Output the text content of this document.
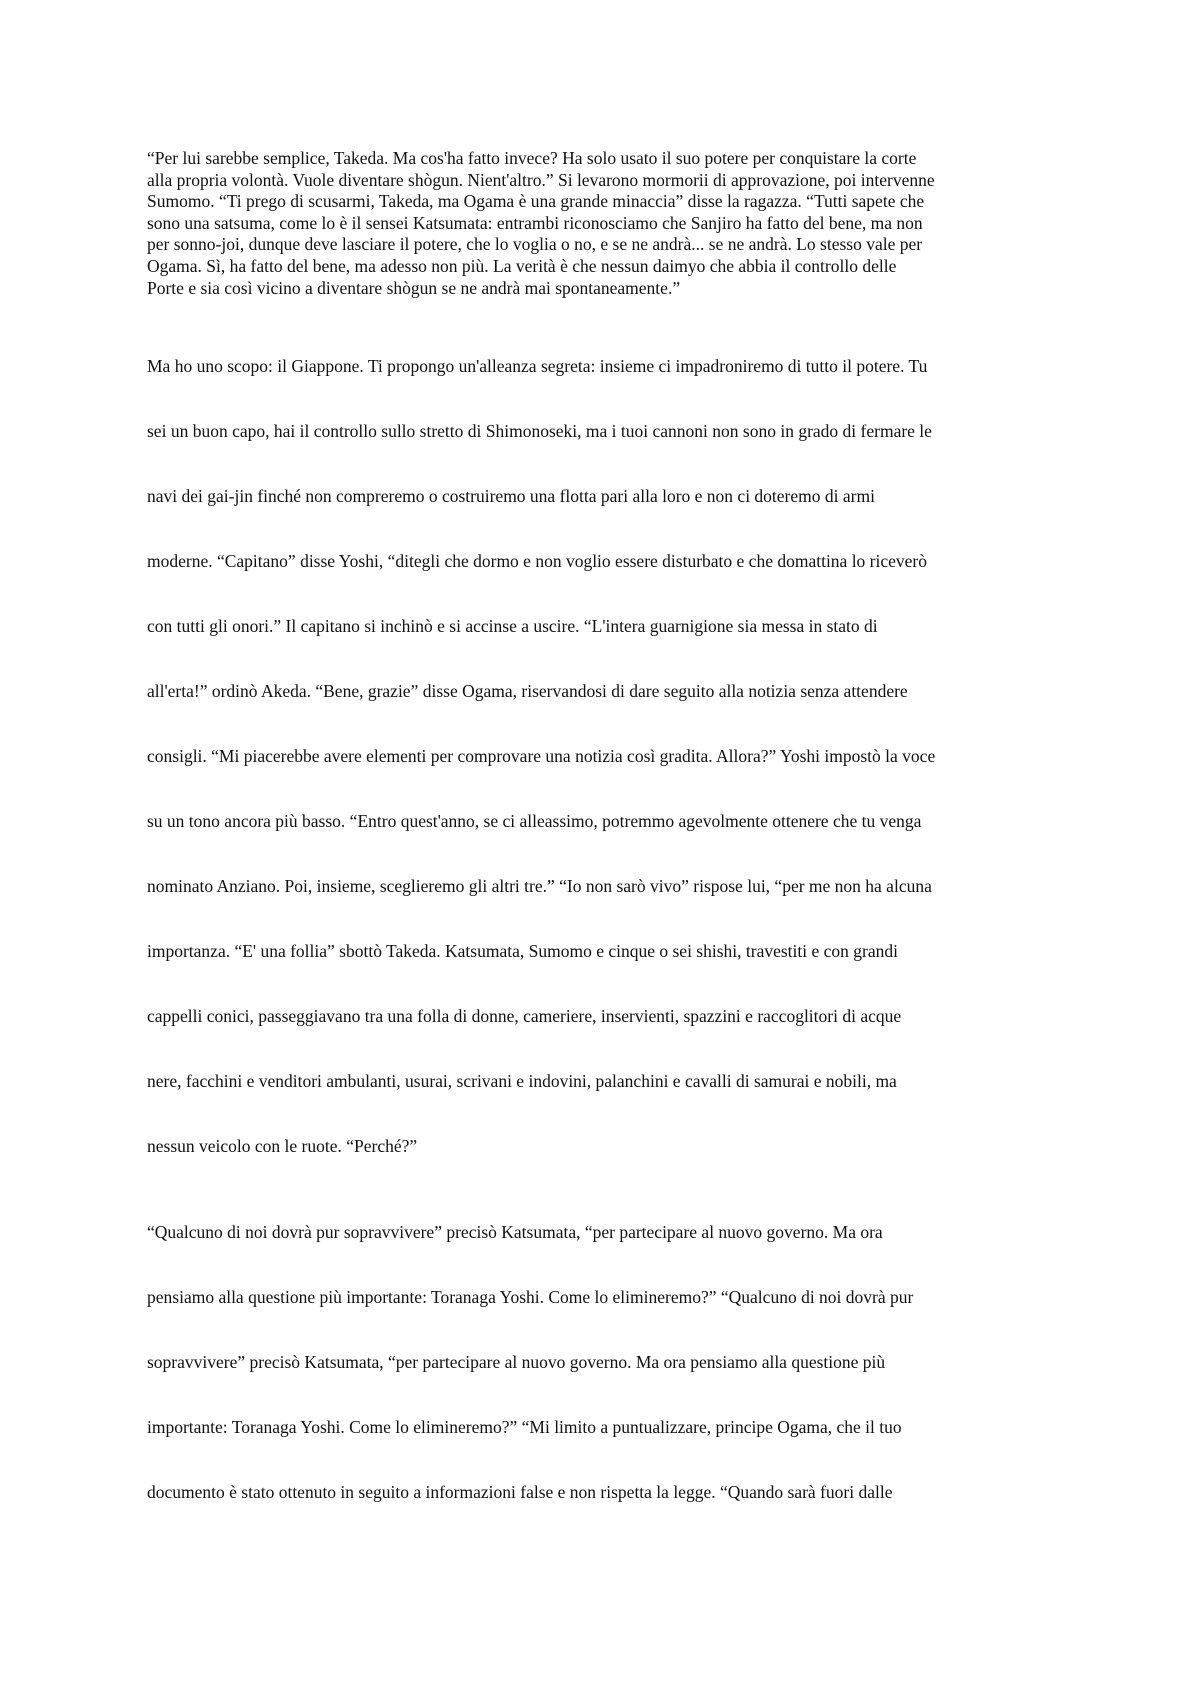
“Per lui sarebbe semplice, Takeda. Ma cos'ha fatto invece? Ha solo usato il suo potere per conquistare la corte
alla propria volontà. Vuole diventare shògun. Nient'altro.” Si levarono mormorii di approvazione, poi intervenne
Sumomo. “Ti prego di scusarmi, Takeda, ma Ogama è una grande minaccia” disse la ragazza. “Tutti sapete che
sono una satsuma, come lo è il sensei Katsumata: entrambi riconosciamo che Sanjiro ha fatto del bene, ma non
per sonno-joi, dunque deve lasciare il potere, che lo voglia o no, e se ne andrà... se ne andrà. Lo stesso vale per
Ogama. Sì, ha fatto del bene, ma adesso non più. La verità è che nessun daimyo che abbia il controllo delle
Porte e sia così vicino a diventare shògun se ne andrà mai spontaneamente.”
Ma ho uno scopo: il Giappone. Ti propongo un'alleanza segreta: insieme ci impadroniremo di tutto il potere. Tu
sei un buon capo, hai il controllo sullo stretto di Shimonoseki, ma i tuoi cannoni non sono in grado di fermare le
navi dei gai-jin finché non compreremo o costruiremo una flotta pari alla loro e non ci doteremo di armi
moderne. “Capitano” disse Yoshi, “ditegli che dormo e non voglio essere disturbato e che domattina lo riceverò
con tutti gli onori.” Il capitano si inchinò e si accinse a uscire. “L'intera guarnigione sia messa in stato di
all'erta!” ordinò Akeda. “Bene, grazie” disse Ogama, riservandosi di dare seguito alla notizia senza attendere
consigli. “Mi piacerebbe avere elementi per comprovare una notizia così gradita. Allora?” Yoshi impostò la voce
su un tono ancora più basso. “Entro quest'anno, se ci alleassimo, potremmo agevolmente ottenere che tu venga
nominato Anziano. Poi, insieme, sceglieremo gli altri tre.” “Io non sarò vivo” rispose lui, “per me non ha alcuna
importanza. “E' una follia” sbottò Takeda. Katsumata, Sumomo e cinque o sei shishi, travestiti e con grandi
cappelli conici, passeggiavano tra una folla di donne, cameriere, inservienti, spazzini e raccoglitori di acque
nere, facchini e venditori ambulanti, usurai, scrivani e indovini, palanchini e cavalli di samurai e nobili, ma
nessun veicolo con le ruote. “Perché?”
“Qualcuno di noi dovrà pur sopravvivere” precisò Katsumata, “per partecipare al nuovo governo. Ma ora
pensiamo alla questione più importante: Toranaga Yoshi. Come lo elimineremo?” “Qualcuno di noi dovrà pur
sopravvivere” precisò Katsumata, “per partecipare al nuovo governo. Ma ora pensiamo alla questione più
importante: Toranaga Yoshi. Come lo elimineremo?” “Mi limito a puntualizzare, principe Ogama, che il tuo
documento è stato ottenuto in seguito a informazioni false e non rispetta la legge. “Quando sarà fuori dalle
